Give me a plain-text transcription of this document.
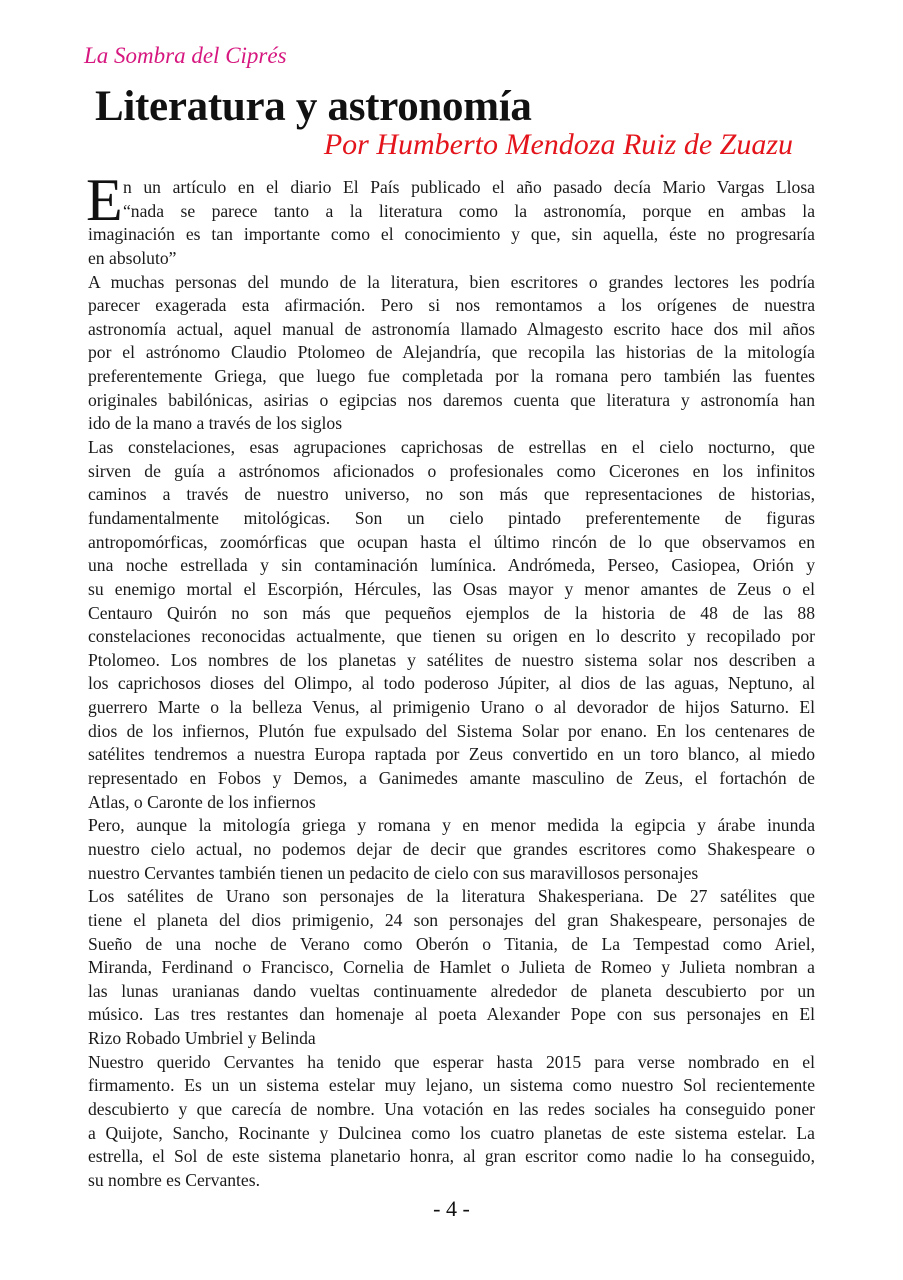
La Sombra del Ciprés
Literatura y astronomía
Por Humberto Mendoza Ruiz de Zuazu
E n un artículo en el diario El País publicado el año pasado decía Mario Vargas Llosa
“nada se parece tanto a la literatura como la astronomía, porque en ambas la
imaginación es tan importante como el conocimiento y que, sin aquella, éste no progresaría
en absoluto”
A muchas personas del mundo de la literatura, bien escritores o grandes lectores les podría
parecer exagerada esta afirmación. Pero si nos remontamos a los orígenes de nuestra
astronomía actual, aquel manual de astronomía llamado Almagesto escrito hace dos mil años
por el astrónomo Claudio Ptolomeo de Alejandría, que recopila las historias de la mitología
preferentemente Griega, que luego fue completada por la romana pero también las fuentes
originales babilónicas, asirias o egipcias nos daremos cuenta que literatura y astronomía han
ido de la mano a través de los siglos
Las constelaciones, esas agrupaciones caprichosas de estrellas en el cielo nocturno, que
sirven de guía a astrónomos aficionados o profesionales como Cicerones en los infinitos
caminos a través de nuestro universo, no son más que representaciones de historias,
fundamentalmente mitológicas. Son un cielo pintado preferentemente de figuras
antropomórficas, zoomórficas que ocupan hasta el último rincón de lo que observamos en
una noche estrellada y sin contaminación lumínica. Andrómeda, Perseo, Casiopea, Orión y
su enemigo mortal el Escorpión, Hércules, las Osas mayor y menor amantes de Zeus o el
Centauro Quirón no son más que pequeños ejemplos de la historia de 48 de las 88
constelaciones reconocidas actualmente, que tienen su origen en lo descrito y recopilado por
Ptolomeo. Los nombres de los planetas y satélites de nuestro sistema solar nos describen a
los caprichosos dioses del Olimpo, al todo poderoso Júpiter, al dios de las aguas, Neptuno, al
guerrero Marte o la belleza Venus, al primigenio Urano o al devorador de hijos Saturno. El
dios de los infiernos, Plutón fue expulsado del Sistema Solar por enano. En los centenares de
satélites tendremos a nuestra Europa raptada por Zeus convertido en un toro blanco, al miedo
representado en Fobos y Demos, a Ganimedes amante masculino de Zeus, el fortachón de
Atlas, o Caronte de los infiernos
Pero, aunque la mitología griega y romana y en menor medida la egipcia y árabe inunda
nuestro cielo actual, no podemos dejar de decir que grandes escritores como Shakespeare o
nuestro Cervantes también tienen un pedacito de cielo con sus maravillosos personajes
Los satélites de Urano son personajes de la literatura Shakesperiana. De 27 satélites que
tiene el planeta del dios primigenio, 24 son personajes del gran Shakespeare, personajes de
Sueño de una noche de Verano como Oberón o Titania, de La Tempestad como Ariel,
Miranda, Ferdinand o Francisco, Cornelia de Hamlet o Julieta de Romeo y Julieta nombran a
las lunas uranianas dando vueltas continuamente alrededor de planeta descubierto por un
músico. Las tres restantes dan homenaje al poeta Alexander Pope con sus personajes en El
Rizo Robado Umbriel y Belinda
Nuestro querido Cervantes ha tenido que esperar hasta 2015 para verse nombrado en el
firmamento. Es un un sistema estelar muy lejano, un sistema como nuestro Sol recientemente
descubierto y que carecía de nombre. Una votación en las redes sociales ha conseguido poner
a Quijote, Sancho, Rocinante y Dulcinea como los cuatro planetas de este sistema estelar. La
estrella, el Sol de este sistema planetario honra, al gran escritor como nadie lo ha conseguido,
su nombre es Cervantes.
- 4 -
